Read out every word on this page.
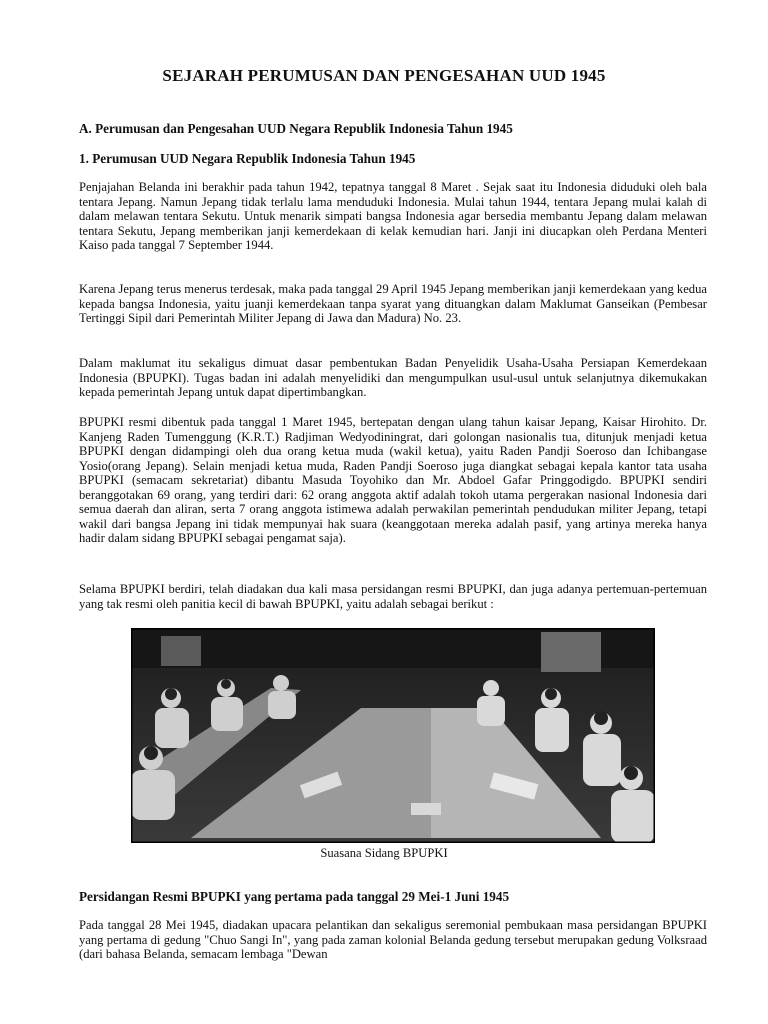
SEJARAH PERUMUSAN DAN PENGESAHAN UUD 1945
A. Perumusan dan Pengesahan UUD Negara Republik Indonesia Tahun 1945
1. Perumusan UUD Negara Republik Indonesia Tahun 1945

Penjajahan Belanda ini berakhir pada tahun 1942, tepatnya tanggal 8 Maret . Sejak saat itu Indonesia diduduki oleh bala tentara Jepang. Namun Jepang tidak terlalu lama menduduki Indonesia. Mulai tahun 1944, tentara Jepang mulai kalah di dalam melawan tentara Sekutu. Untuk menarik simpati bangsa Indonesia agar bersedia membantu Jepang dalam melawan tentara Sekutu, Jepang memberikan janji kemerdekaan di kelak kemudian hari. Janji ini diucapkan oleh Perdana Menteri Kaiso pada tanggal 7 September 1944.

Karena Jepang terus menerus terdesak, maka pada tanggal 29 April 1945 Jepang memberikan janji kemerdekaan yang kedua kepada bangsa Indonesia, yaitu juanji kemerdekaan tanpa syarat yang dituangkan dalam Maklumat Ganseikan (Pembesar Tertinggi Sipil dari Pemerintah Militer Jepang di Jawa dan Madura) No. 23.

Dalam maklumat itu sekaligus dimuat dasar pembentukan Badan Penyelidik Usaha-Usaha Persiapan Kemerdekaan Indonesia (BPUPKI). Tugas badan ini adalah menyelidiki dan mengumpulkan usul-usul untuk selanjutnya dikemukakan kepada pemerintah Jepang untuk dapat dipertimbangkan.

BPUPKI resmi dibentuk pada tanggal 1 Maret 1945, bertepatan dengan ulang tahun kaisar Jepang, Kaisar Hirohito. Dr. Kanjeng Raden Tumenggung (K.R.T.) Radjiman Wedyodiningrat, dari golongan nasionalis tua, ditunjuk menjadi ketua BPUPKI dengan didampingi oleh dua orang ketua muda (wakil ketua), yaitu Raden Pandji Soeroso dan Ichibangase Yosio(orang Jepang). Selain menjadi ketua muda, Raden Pandji Soeroso juga diangkat sebagai kepala kantor tata usaha BPUPKI (semacam sekretariat) dibantu Masuda Toyohiko dan Mr. Abdoel Gafar Pringgodigdo. BPUPKI sendiri beranggotakan 69 orang, yang terdiri dari: 62 orang anggota aktif adalah tokoh utama pergerakan nasional Indonesia dari semua daerah dan aliran, serta 7 orang anggota istimewa adalah perwakilan pemerintah pendudukan militer Jepang, tetapi wakil dari bangsa Jepang ini tidak mempunyai hak suara (keanggotaan mereka adalah pasif, yang artinya mereka hanya hadir dalam sidang BPUPKI sebagai pengamat saja).

Selama BPUPKI berdiri, telah diadakan dua kali masa persidangan resmi BPUPKI, dan juga adanya pertemuan-pertemuan yang tak resmi oleh panitia kecil di bawah BPUPKI, yaitu adalah sebagai berikut :

Suasana Sidang BPUPKI
Persidangan Resmi BPUPKI yang pertama pada tanggal 29 Mei-1 Juni 1945

Pada tanggal 28 Mei 1945, diadakan upacara pelantikan dan sekaligus seremonial pembukaan masa persidangan BPUPKI yang pertama di gedung "Chuo Sangi In", yang pada zaman kolonial Belanda gedung tersebut merupakan gedung Volksraad (dari bahasa Belanda, semacam lembaga "Dewan
